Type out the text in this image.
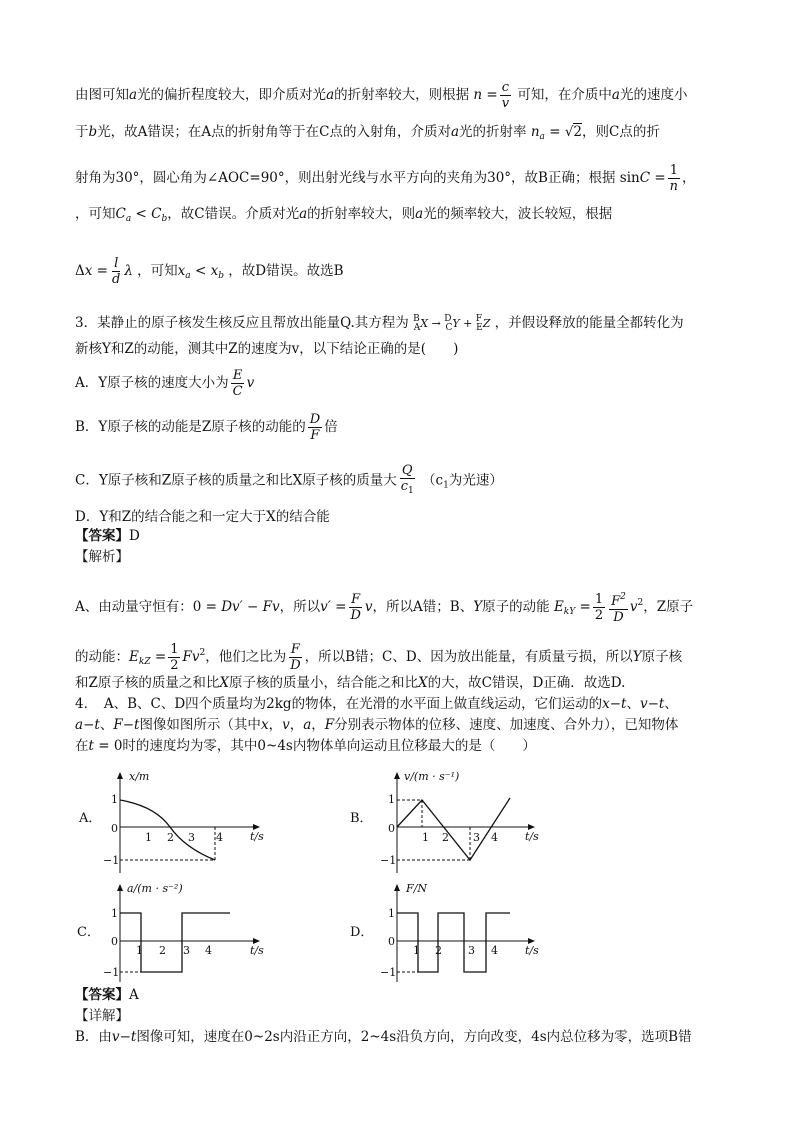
由图可知a光的偏折程度较大，即介质对光a的折射率较大，则根据 $n = \frac{c}{v}$ 可知，在介质中a光的速度小
于b光，故A错误；在A点的折射角等于在C点的入射角，介质对a光的折射率 $n_a = √2$，则C点的折
射角为30°，圆心角为∠AOC=90°，则出射光线与水平方向的夹角为30°，故B正确；根据 $\sin C = \frac{1}{n}$ ，
，可知$C_a < C_b$，故C错误。介质对光a的折射率较大，则a光的频率较大，波长较短，根据
$\Delta x = \frac{l}{d}$ λ ，可知$x_a < x_b$ ，故D错误。故选B
3．某静止的原子核发生核反应且帮放出能量Q.其方程为 $^B_A$X → $^D_C$Y + $^F_E$Z ，并假设释放的能量全都转化为
新核Y和Z的动能，测其中Z的速度为v，以下结论正确的是(　　)
A．Y原子核的速度大小为 $\frac{E}{C}$ v
B．Y原子核的动能是Z原子核的动能的 $\frac{D}{F}$ 倍
C．Y原子核和Z原子核的质量之和比X原子核的质量大 $\frac{Q}{c_1} (c_1$为光速）
D．Y和Z的结合能之和一定大于X的结合能
【答案】D
【解析】
A、由动量守恒有：0 = Dv′ − Fv，所以$v' = \frac{F}{D}$ v，所以A错；B、Y原子的动能 $E_{kY} = \frac{1}{2} \frac{F^2}{D} v^2$，Z原子
的动能：$E_{kZ} = \frac{1}{2} Fv^2$，他们之比为 $\frac{F}{D}$ ，所以B错；C、D、因为放出能量，有质量亏损，所以Y原子核
和Z原子核的质量之和比X原子核的质量小，结合能之和比X的大，故C错误，D正确．故选D.
4．　A、B、C、D四个质量均为2kg的物体，在光滑的水平面上做直线运动，它们运动的x−t、v−t、
a−t、F−t图像如图所示（其中x，v，a，F分别表示物体的位移、速度、加速度、合外力），已知物体
在t = 0时的速度均为零，其中0~4s内物体单向运动且位移最大的是（　　）
A．
x/m
t/s
1
0
−1
1 2 3 4
B．
v/(m · s⁻¹)
t/s
1
0
−1
1 2 3 4
C．
a/(m · s⁻²)
t/s
1
0
−1
1 2 3 4
D．
F/N
t/s
1
0
−1
1 2 3 4
【答案】A
【详解】
B．由v−t图像可知，速度在0~2s内沿正方向，2~4s沿负方向，方向改变，4s内总位移为零，选项B错
